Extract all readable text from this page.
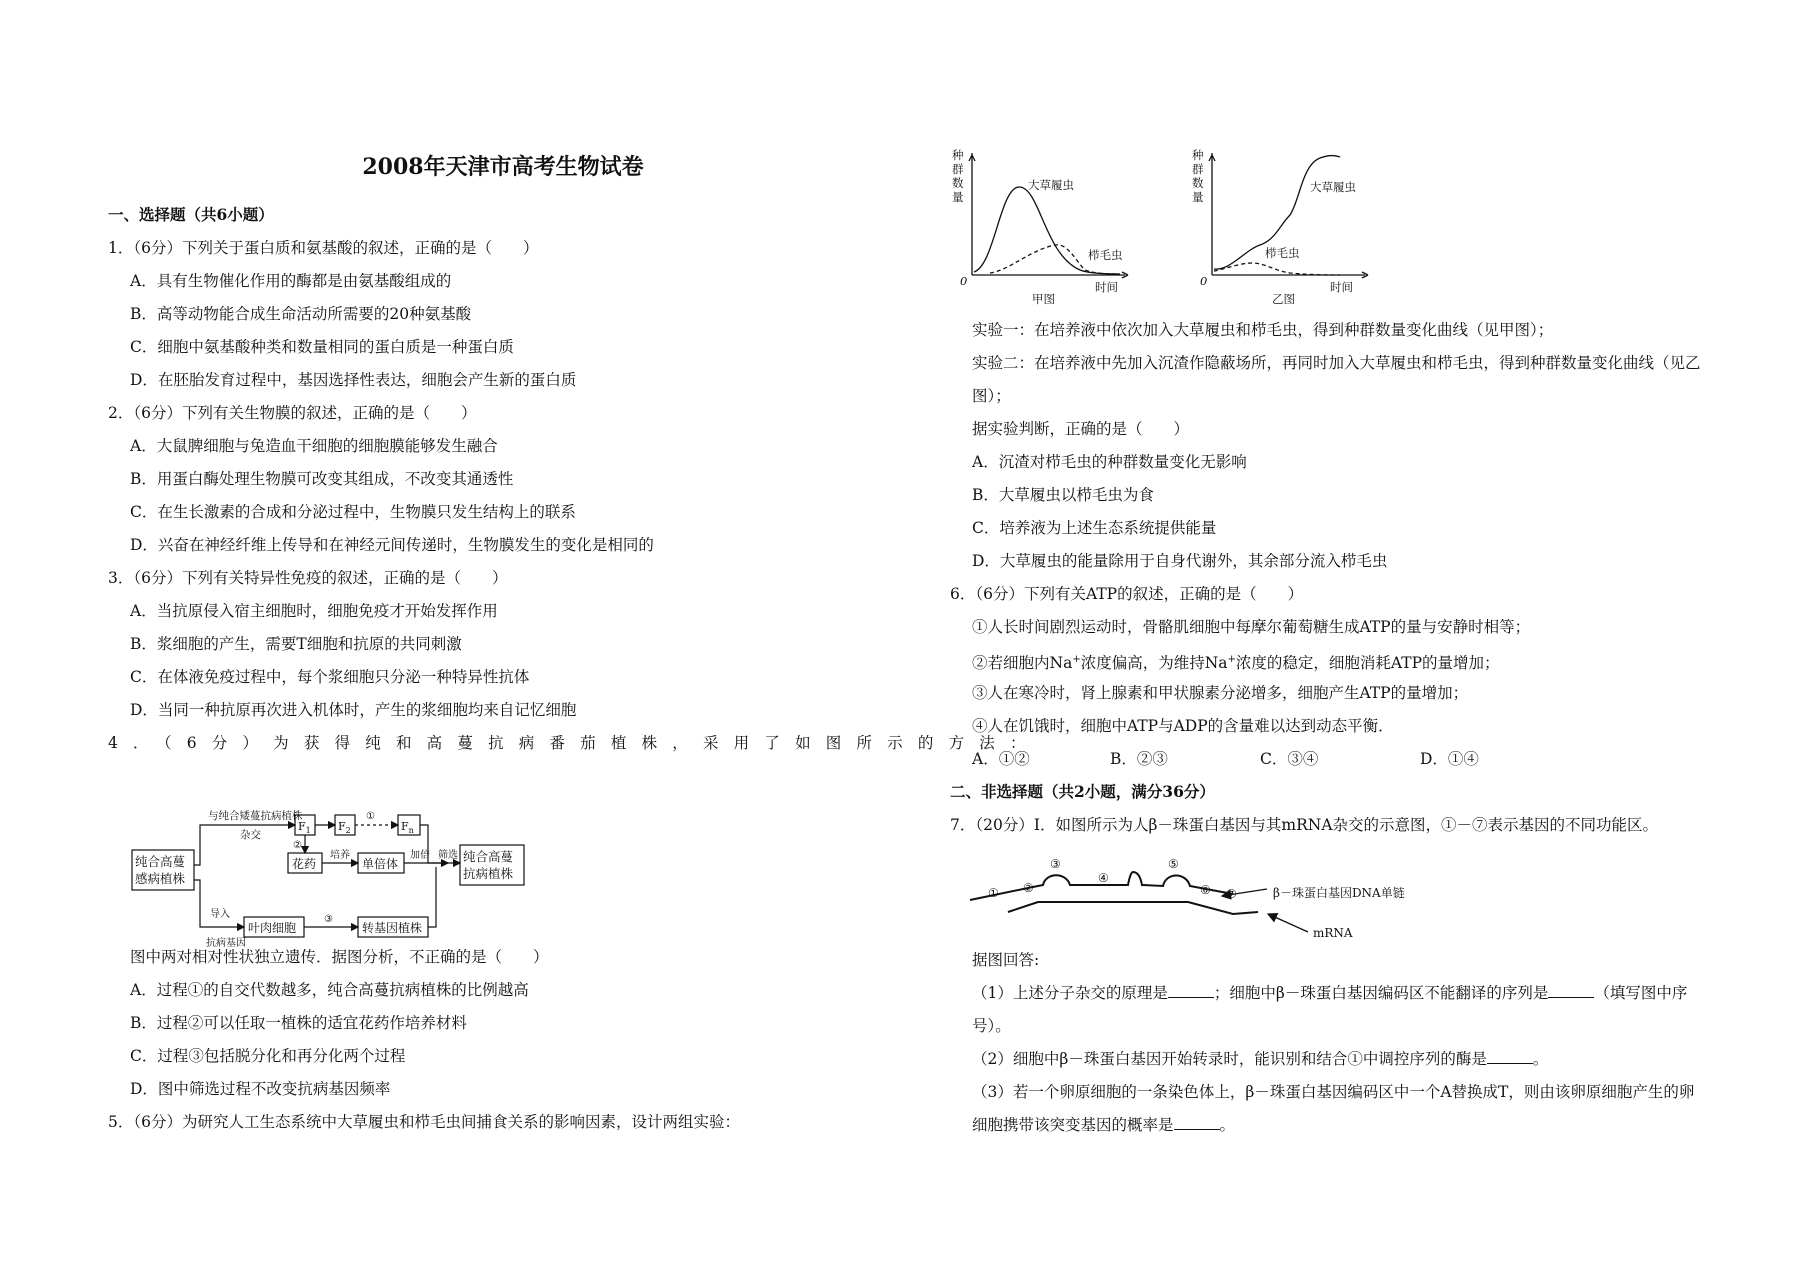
2008年天津市高考生物试卷
一、选择题（共6小题）
1．（6分）下列关于蛋白质和氨基酸的叙述，正确的是（　　）
A．具有生物催化作用的酶都是由氨基酸组成的
B．高等动物能合成生命活动所需要的20种氨基酸
C．细胞中氨基酸种类和数量相同的蛋白质是一种蛋白质
D．在胚胎发育过程中，基因选择性表达，细胞会产生新的蛋白质
2．（6分）下列有关生物膜的叙述，正确的是（　　）
A．大鼠脾细胞与兔造血干细胞的细胞膜能够发生融合
B．用蛋白酶处理生物膜可改变其组成，不改变其通透性
C．在生长激素的合成和分泌过程中，生物膜只发生结构上的联系
D．兴奋在神经纤维上传导和在神经元间传递时，生物膜发生的变化是相同的
3．（6分）下列有关特异性免疫的叙述，正确的是（　　）
A．当抗原侵入宿主细胞时，细胞免疫才开始发挥作用
B．浆细胞的产生，需要T细胞和抗原的共同刺激
C．在体液免疫过程中，每个浆细胞只分泌一种特异性抗体
D．当同一种抗原再次进入机体时，产生的浆细胞均来自记忆细胞
4．（6分）为获得纯和高蔓抗病番茄植株，采用了如图所示的方法：
纯合高蔓
感病植株
与纯合矮蔓抗病植株
杂交
$F_1$ $F_2$	$F_n$
①
②
花药
培养
单倍体
加倍 筛选 纯合高蔓
抗病植株
导入
抗病基因
叶肉细胞
③
转基因植株
图中两对相对性状独立遗传．据图分析，不正确的是（　　）
A．过程①的自交代数越多，纯合高蔓抗病植株的比例越高
B．过程②可以任取一植株的适宜花药作培养材料
C．过程③包括脱分化和再分化两个过程
D．图中筛选过程不改变抗病基因频率
5．（6分）为研究人工生态系统中大草履虫和栉毛虫间捕食关系的影响因素，设计两组实验：
种
群
数
量
大草履虫
栉毛虫
0	时间
甲图
种
群
数
量
大草履虫
栉毛虫
0	时间
乙图
实验一：在培养液中依次加入大草履虫和栉毛虫，得到种群数量变化曲线（见甲图）；
实验二：在培养液中先加入沉渣作隐蔽场所，再同时加入大草履虫和栉毛虫，得到种群数量变化曲线（见乙
图）；
据实验判断，正确的是（　　）
A．沉渣对栉毛虫的种群数量变化无影响
B．大草履虫以栉毛虫为食
C．培养液为上述生态系统提供能量
D．大草履虫的能量除用于自身代谢外，其余部分流入栉毛虫
6．（6分）下列有关ATP的叙述，正确的是（　　）
①人长时间剧烈运动时，骨骼肌细胞中每摩尔葡萄糖生成ATP的量与安静时相等；
②若细胞内Na+浓度偏高，为维持Na+浓度的稳定，细胞消耗ATP的量增加；
③人在寒冷时，肾上腺素和甲状腺素分泌增多，细胞产生ATP的量增加；
④人在饥饿时，细胞中ATP与ADP的含量难以达到动态平衡．
A．①②	B．②③	C．③④	D．①④
二、非选择题（共2小题，满分36分）
7．（20分）Ⅰ．如图所示为人β－珠蛋白基因与其mRNA杂交的示意图，①－⑦表示基因的不同功能区。
① ②
③
④
⑤
⑥ ⑦	β－珠蛋白基因DNA单链
mRNA
据图回答:
（1）上述分子杂交的原理是	；细胞中β－珠蛋白基因编码区不能翻译的序列是	（填写图中序
号）。
（2）细胞中β－珠蛋白基因开始转录时，能识别和结合①中调控序列的酶是	。
（3）若一个卵原细胞的一条染色体上，β－珠蛋白基因编码区中一个A替换成T，则由该卵原细胞产生的卵
细胞携带该突变基因的概率是	。
